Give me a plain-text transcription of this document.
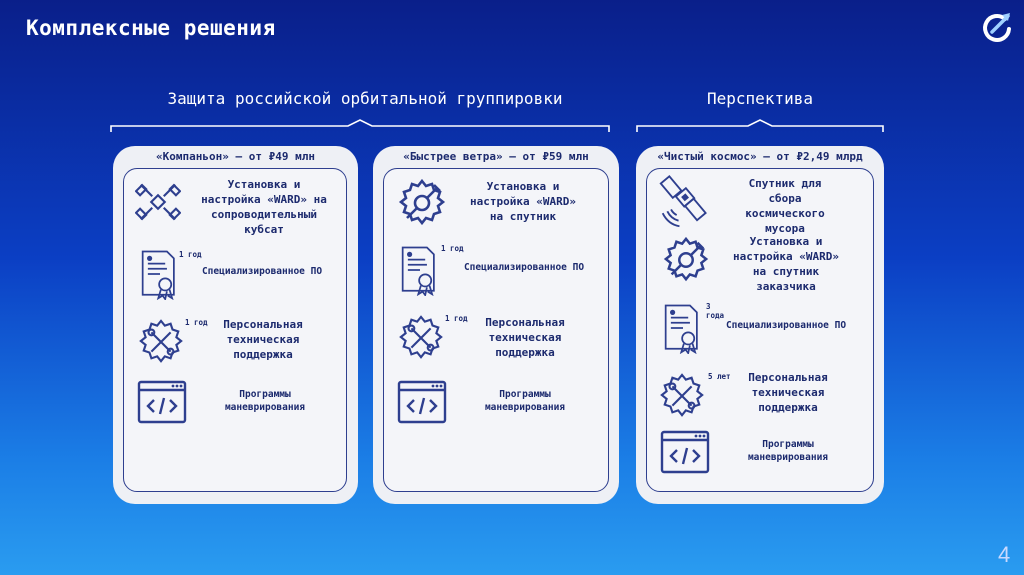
Комплексные решения
Защита российской орбитальной группировки	Перспектива
«Компаньон» – от ₽49 млн
Установка и настройка «WARD» на сопроводительный кубсат
1 год
Специализированное ПО
1 год	Персональная техническая поддержка
Программы маневрирования
«Быстрее ветра» – от ₽59 млн
Установка и настройка «WARD» на спутник
1 год
Специализированное ПО
1 год	Персональная техническая поддержка
Программы маневрирования
«Чистый космос» – от ₽2,49 млрд
Спутник для сбора космического мусора
Установка и настройка «WARD» на спутник заказчика
3 года
Специализированное ПО
5 лет	Персональная техническая поддержка
Программы маневрирования
4
